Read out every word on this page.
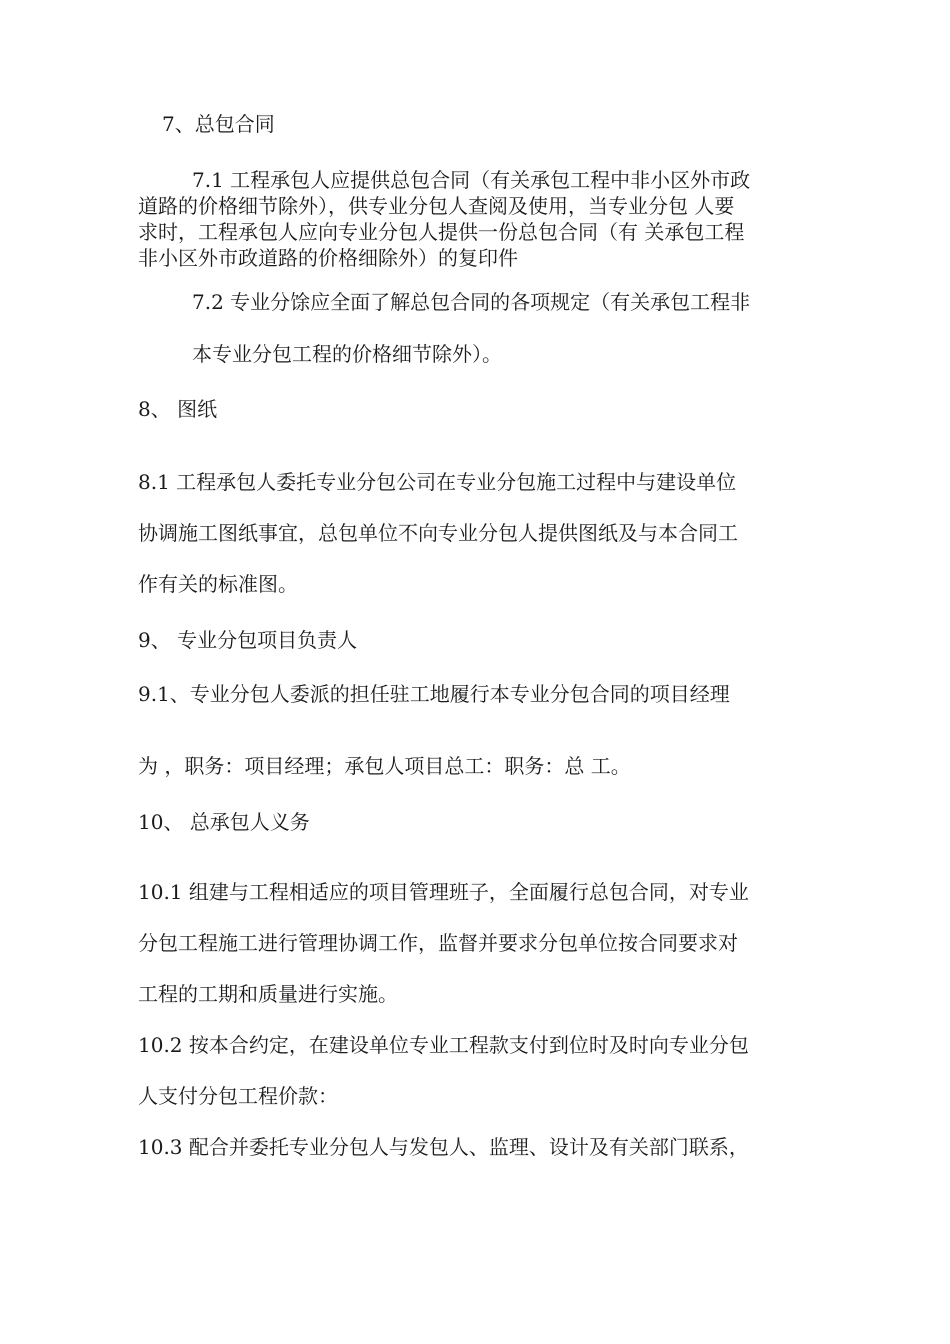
7、总包合同
7.1 工程承包人应提供总包合同（有关承包工程中非小区外市政
道路的价格细节除外），供专业分包人查阅及使用，当专业分包 人要
求时，工程承包人应向专业分包人提供一份总包合同（有 关承包工程
非小区外市政道路的价格细除外）的复印件
7.2 专业分馀应全面了解总包合同的各项规定（有关承包工程非
本专业分包工程的价格细节除外）。
8、 图纸
8.1 工程承包人委托专业分包公司在专业分包施工过程中与建设单位
协调施工图纸事宜，总包单位不向专业分包人提供图纸及与本合同工
作有关的标准图。
9、 专业分包项目负责人
9.1、专业分包人委派的担任驻工地履行本专业分包合同的项目经理
为 ，职务：项目经理；承包人项目总工：职务：总 工。
10、 总承包人义务
10.1 组建与工程相适应的项目管理班子，全面履行总包合同，对专业
分包工程施工进行管理协调工作，监督并要求分包单位按合同要求对
工程的工期和质量进行实施。
10.2 按本合约定，在建设单位专业工程款支付到位时及时向专业分包
人支付分包工程价款：
10.3 配合并委托专业分包人与发包人、监理、设计及有关部门联系，
